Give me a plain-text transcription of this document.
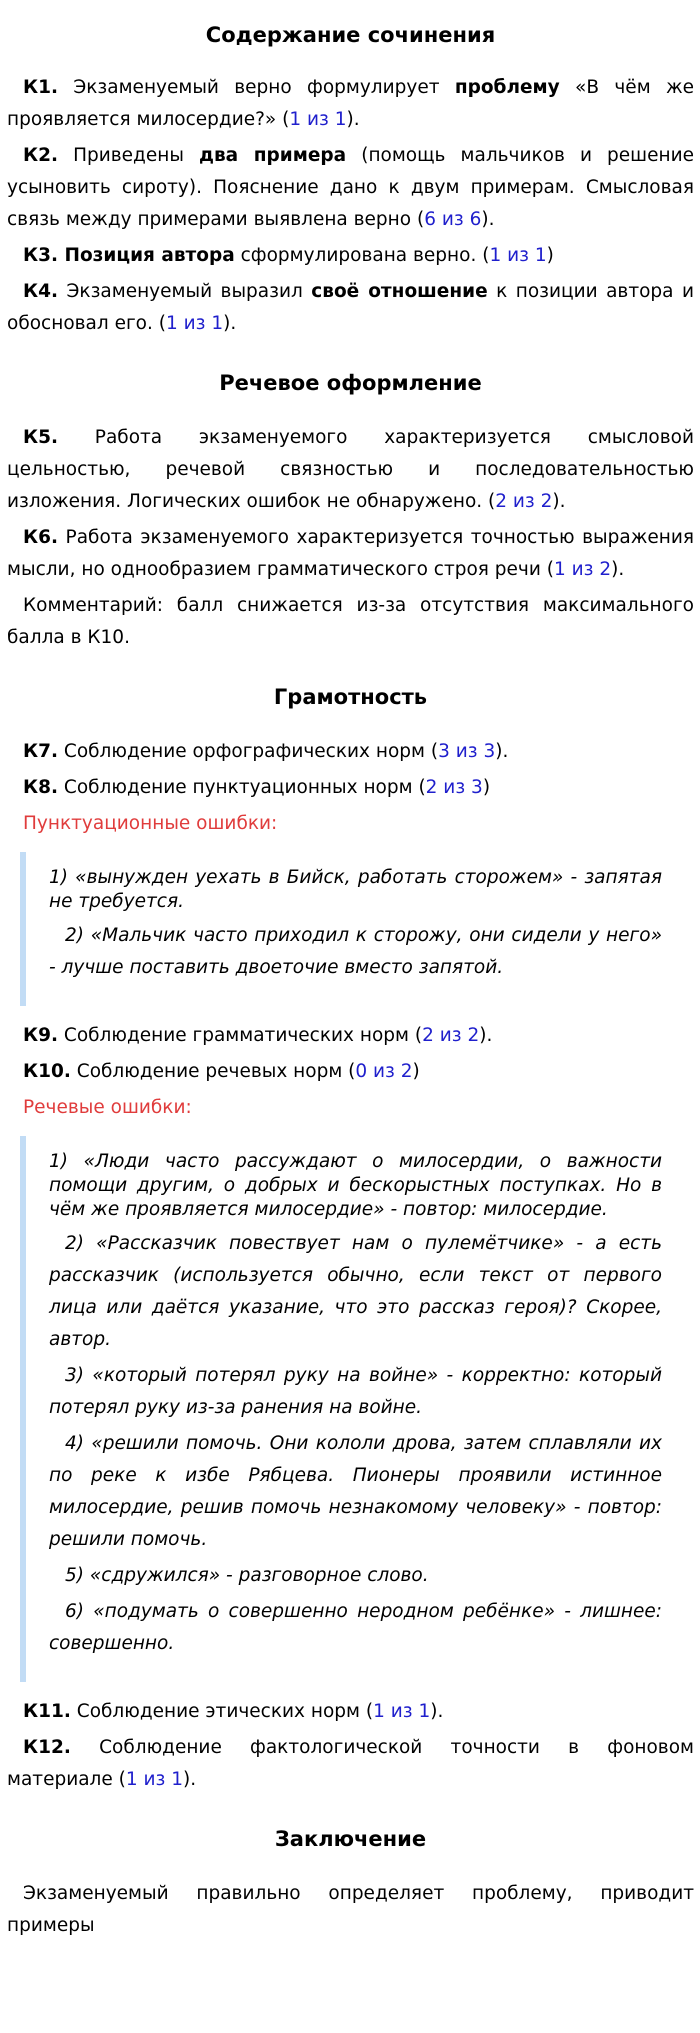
Содержание сочинения

К1. Экзаменуемый верно формулирует проблему «В чём же проявляется милосердие?» (1 из 1).

К2. Приведены два примера (помощь мальчиков и решение усыновить сироту). Пояснение дано к двум примерам. Смысловая связь между примерами выявлена верно (6 из 6).

К3. Позиция автора сформулирована верно. (1 из 1)

К4. Экзаменуемый выразил своё отношение к позиции автора и обосновал его. (1 из 1).

Речевое оформление

К5. Работа экзаменуемого характеризуется смысловой цельностью, речевой связностью и последовательностью изложения. Логических ошибок не обнаружено. (2 из 2).

К6. Работа экзаменуемого характеризуется точностью выражения мысли, но однообразием грамматического строя речи (1 из 2).

Комментарий: балл снижается из-за отсутствия максимального балла в К10.

Грамотность

К7. Соблюдение орфографических норм (3 из 3).

К8. Соблюдение пунктуационных норм (2 из 3)

Пунктуационные ошибки:

1) «вынужден уехать в Бийск, работать сторожем» - запятая не требуется.
2) «Мальчик часто приходил к сторожу, они сидели у него» - лучше поставить двоеточие вместо запятой.

К9. Соблюдение грамматических норм (2 из 2).

К10. Соблюдение речевых норм (0 из 2)

Речевые ошибки:

1) «Люди часто рассуждают о милосердии, о важности помощи другим, о добрых и бескорыстных поступках. Но в чём же проявляется милосердие» - повтор: милосердие.
2) «Рассказчик повествует нам о пулемётчике» - а есть рассказчик (используется обычно, если текст от первого лица или даётся указание, что это рассказ героя)? Скорее, автор.
3) «который потерял руку на войне» - корректно: который потерял руку из-за ранения на войне.
4) «решили помочь. Они кололи дрова, затем сплавляли их по реке к избе Рябцева. Пионеры проявили истинное милосердие, решив помочь незнакомому человеку» - повтор: решили помочь.
5) «сдружился» - разговорное слово.
6) «подумать о совершенно неродном ребёнке» - лишнее: совершенно.

К11. Соблюдение этических норм (1 из 1).

К12. Соблюдение фактологической точности в фоновом материале (1 из 1).

Заключение

Экзаменуемый правильно определяет проблему, приводит примеры
